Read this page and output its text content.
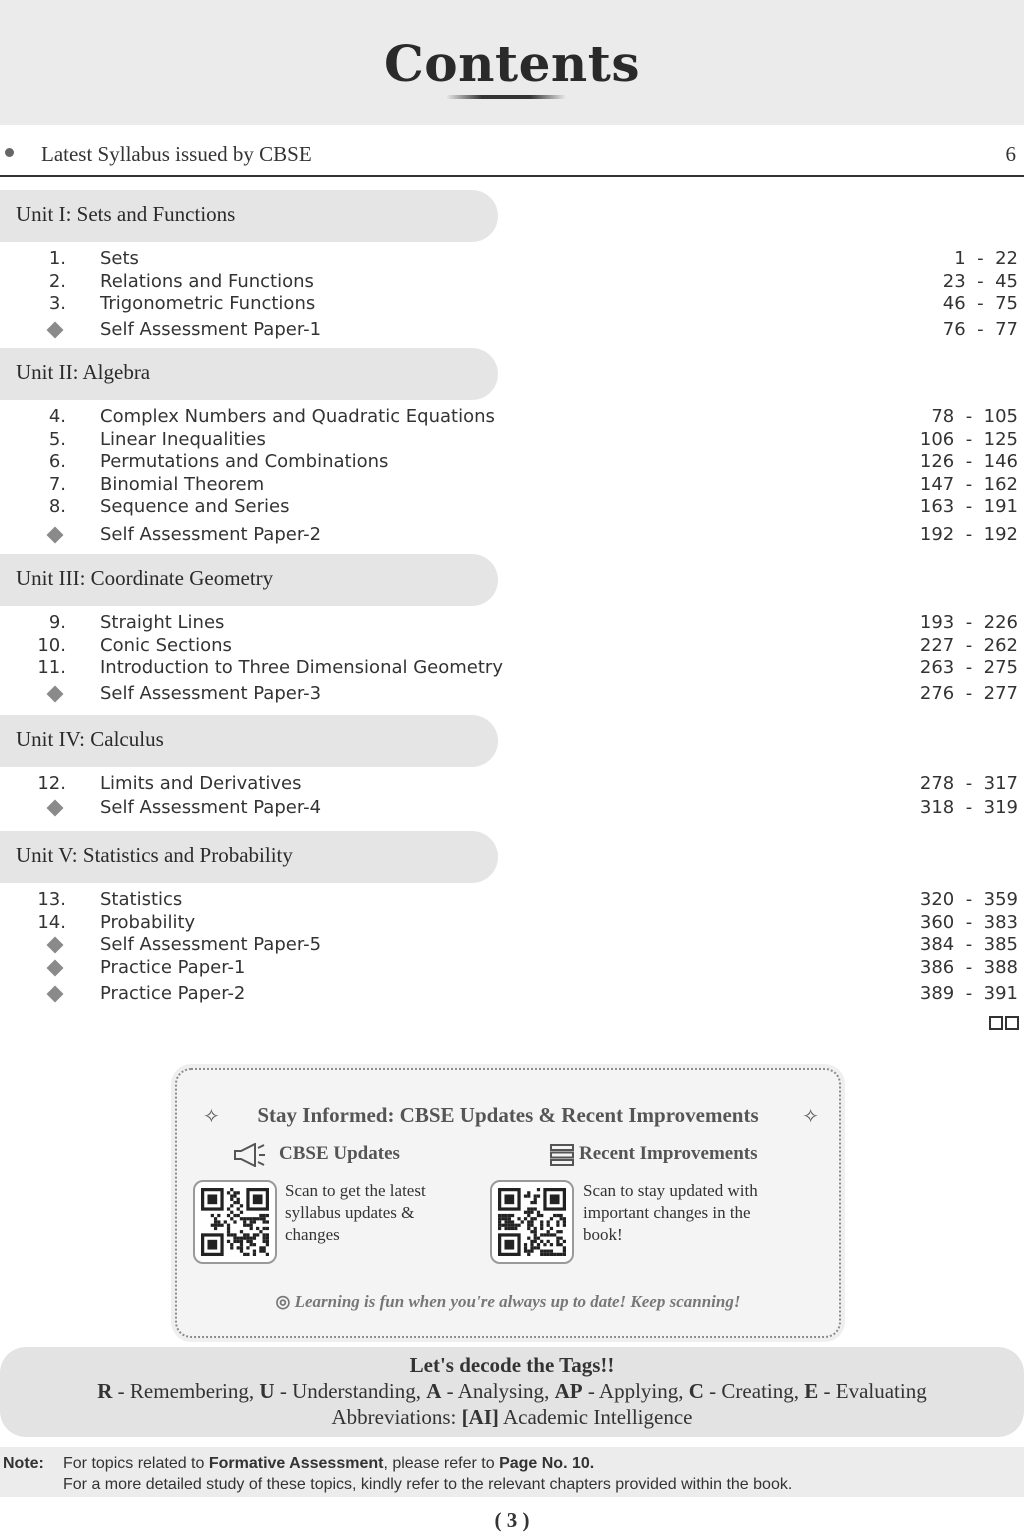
Contents
Latest Syllabus issued by CBSE	6
Unit I: Sets and Functions
1. Sets	1  -  22
2. Relations and Functions	23  -  45
3. Trigonometric Functions	46  -  75
Self Assessment Paper-1	76  -  77
Unit II: Algebra
4. Complex Numbers and Quadratic Equations	78  -  105
5. Linear Inequalities	106  -  125
6. Permutations and Combinations	126  -  146
7. Binomial Theorem	147  -  162
8. Sequence and Series	163  -  191
Self Assessment Paper-2	192  -  192
Unit III: Coordinate Geometry
9. Straight Lines	193  -  226
10. Conic Sections	227  -  262
11. Introduction to Three Dimensional Geometry	263  -  275
Self Assessment Paper-3	276  -  277
Unit IV: Calculus
12. Limits and Derivatives	278  -  317
Self Assessment Paper-4	318  -  319
Unit V: Statistics and Probability
13. Statistics	320  -  359
14. Probability	360  -  383
Self Assessment Paper-5	384  -  385
Practice Paper-1	386  -  388
Practice Paper-2	389  -  391
✧	Stay Informed: CBSE Updates & Recent Improvements	✧
CBSE Updates	Recent Improvements
Scan to get the latest syllabus updates & changes
Scan to stay updated with important changes in the book!
◎ Learning is fun when you're always up to date! Keep scanning!
Let's decode the Tags!!
R - Remembering, U - Understanding, A - Analysing, AP - Applying, C - Creating, E - Evaluating
Abbreviations: [AI] Academic Intelligence
Note: For topics related to Formative Assessment, please refer to Page No. 10.
For a more detailed study of these topics, kindly refer to the relevant chapters provided within the book.
( 3 )
